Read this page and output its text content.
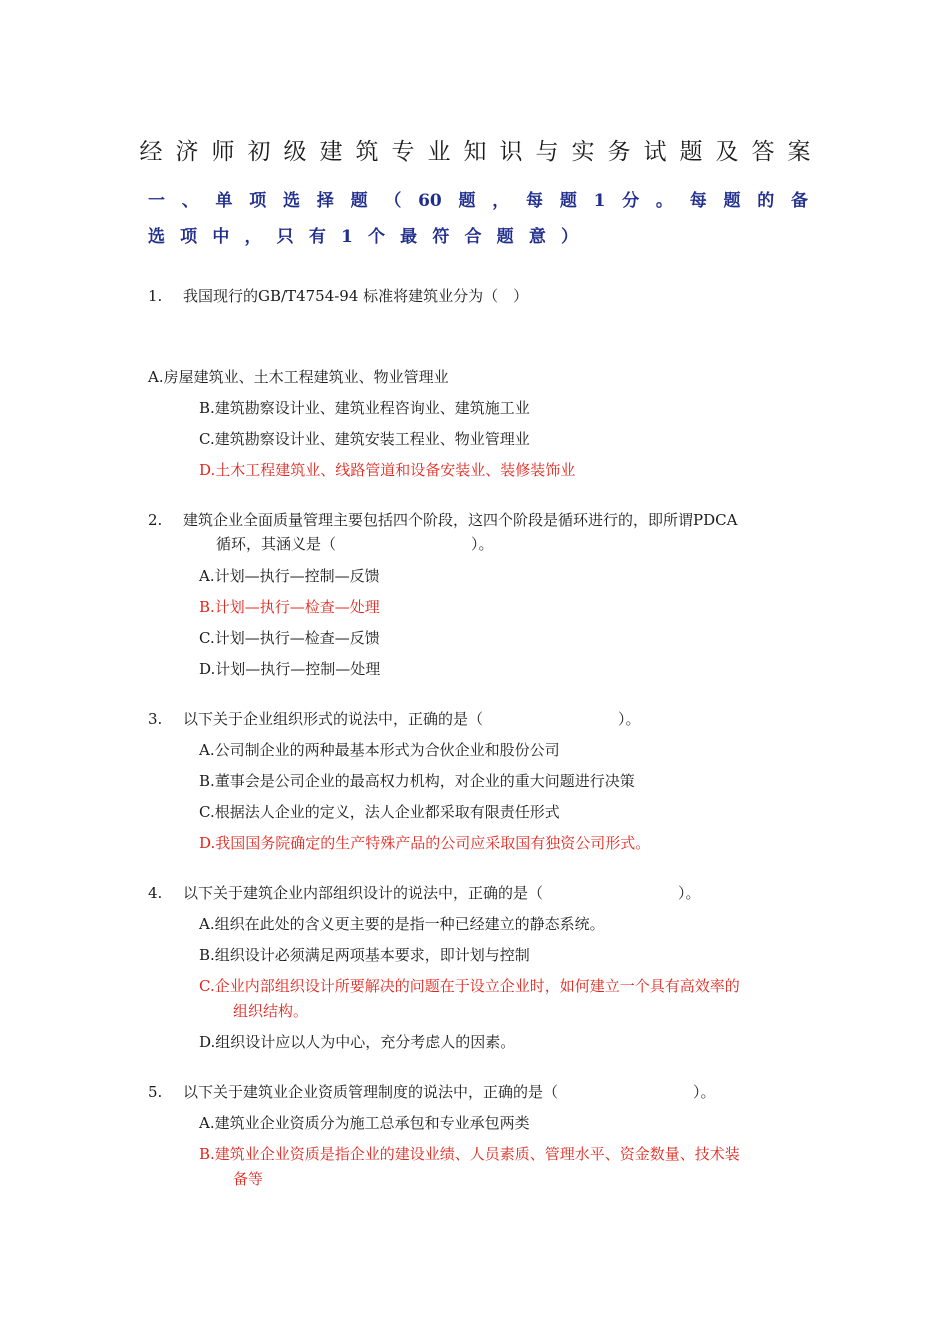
经济师初级建筑专业知识与实务试题及答案
一、单项选择题（60题，每题1分。每题的备
选项中，只有1个最符合题意）
1. 我国现行的GB/T4754-94 标准将建筑业分为（　）
A.房屋建筑业、土木工程建筑业、物业管理业
B.建筑勘察设计业、建筑业程咨询业、建筑施工业
C.建筑勘察设计业、建筑安装工程业、物业管理业
D.土木工程建筑业、线路管道和设备安装业、装修装饰业
2. 建筑企业全面质量管理主要包括四个阶段，这四个阶段是循环进行的，即所谓PDCA
循环，其涵义是（　　　　　　　　　）。
A.计划—执行—控制—反馈
B.计划—执行—检查—处理
C.计划—执行—检查—反馈
D.计划—执行—控制—处理
3. 以下关于企业组织形式的说法中，正确的是（　　　　　　　　　）。
A.公司制企业的两种最基本形式为合伙企业和股份公司
B.董事会是公司企业的最高权力机构，对企业的重大问题进行决策
C.根据法人企业的定义，法人企业都采取有限责任形式
D.我国国务院确定的生产特殊产品的公司应采取国有独资公司形式。
4. 以下关于建筑企业内部组织设计的说法中，正确的是（　　　　　　　　　）。
A.组织在此处的含义更主要的是指一种已经建立的静态系统。
B.组织设计必须满足两项基本要求，即计划与控制
C.企业内部组织设计所要解决的问题在于设立企业时，如何建立一个具有高效率的
组织结构。
D.组织设计应以人为中心，充分考虑人的因素。
5. 以下关于建筑业企业资质管理制度的说法中，正确的是（　　　　　　　　　）。
A.建筑业企业资质分为施工总承包和专业承包两类
B.建筑业企业资质是指企业的建设业绩、人员素质、管理水平、资金数量、技术装
备等
